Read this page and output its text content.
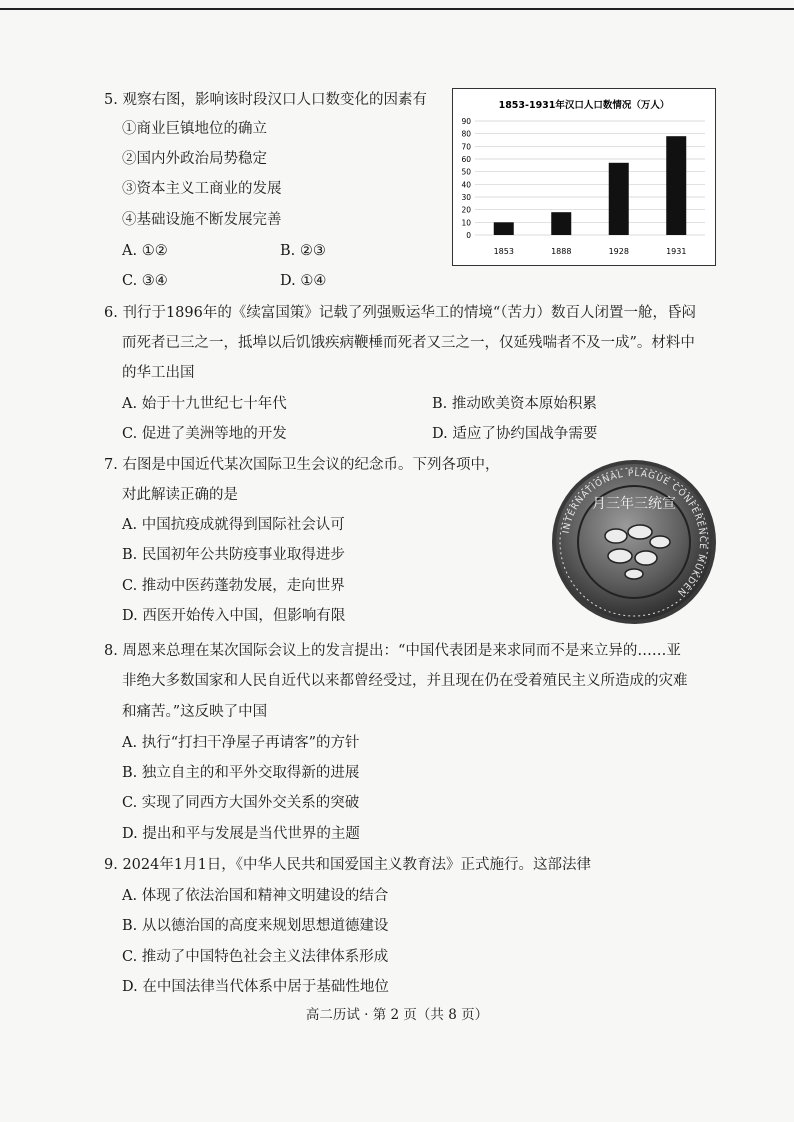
5. 观察右图，影响该时段汉口人口数变化的因素有
①商业巨镇地位的确立
②国内外政治局势稳定
③资本主义工商业的发展
④基础设施不断发展完善
A. ①②	B. ②③
C. ③④	D. ①④
1853-1931年汉口人口数情况（万人）
0
10
20
30
40
50
60
70
80
90
1853	1888	1928	1931
6. 刊行于1896年的《续富国策》记载了列强贩运华工的情境“（苦力）数百人闭置一舱，昏闷
而死者已三之一，抵埠以后饥饿疾病鞭棰而死者又三之一，仅延残喘者不及一成”。材料中
的华工出国
A. 始于十九世纪七十年代	B. 推动欧美资本原始积累
C. 促进了美洲等地的开发	D. 适应了协约国战争需要
7. 右图是中国近代某次国际卫生会议的纪念币。下列各项中，
对此解读正确的是
A. 中国抗疫成就得到国际社会认可
B. 民国初年公共防疫事业取得进步
C. 推动中医药蓬勃发展，走向世界
D. 西医开始传入中国，但影响有限
INTERNATIONAL PLAGUE CONFERENCE MUKDEN
月三年三统宣
8. 周恩来总理在某次国际会议上的发言提出：“中国代表团是来求同而不是来立异的……亚
非绝大多数国家和人民自近代以来都曾经受过，并且现在仍在受着殖民主义所造成的灾难
和痛苦。”这反映了中国
A. 执行“打扫干净屋子再请客”的方针
B. 独立自主的和平外交取得新的进展
C. 实现了同西方大国外交关系的突破
D. 提出和平与发展是当代世界的主题
9. 2024年1月1日，《中华人民共和国爱国主义教育法》正式施行。这部法律
A. 体现了依法治国和精神文明建设的结合
B. 从以德治国的高度来规划思想道德建设
C. 推动了中国特色社会主义法律体系形成
D. 在中国法律当代体系中居于基础性地位
高二历试 · 第 2 页（共 8 页）
